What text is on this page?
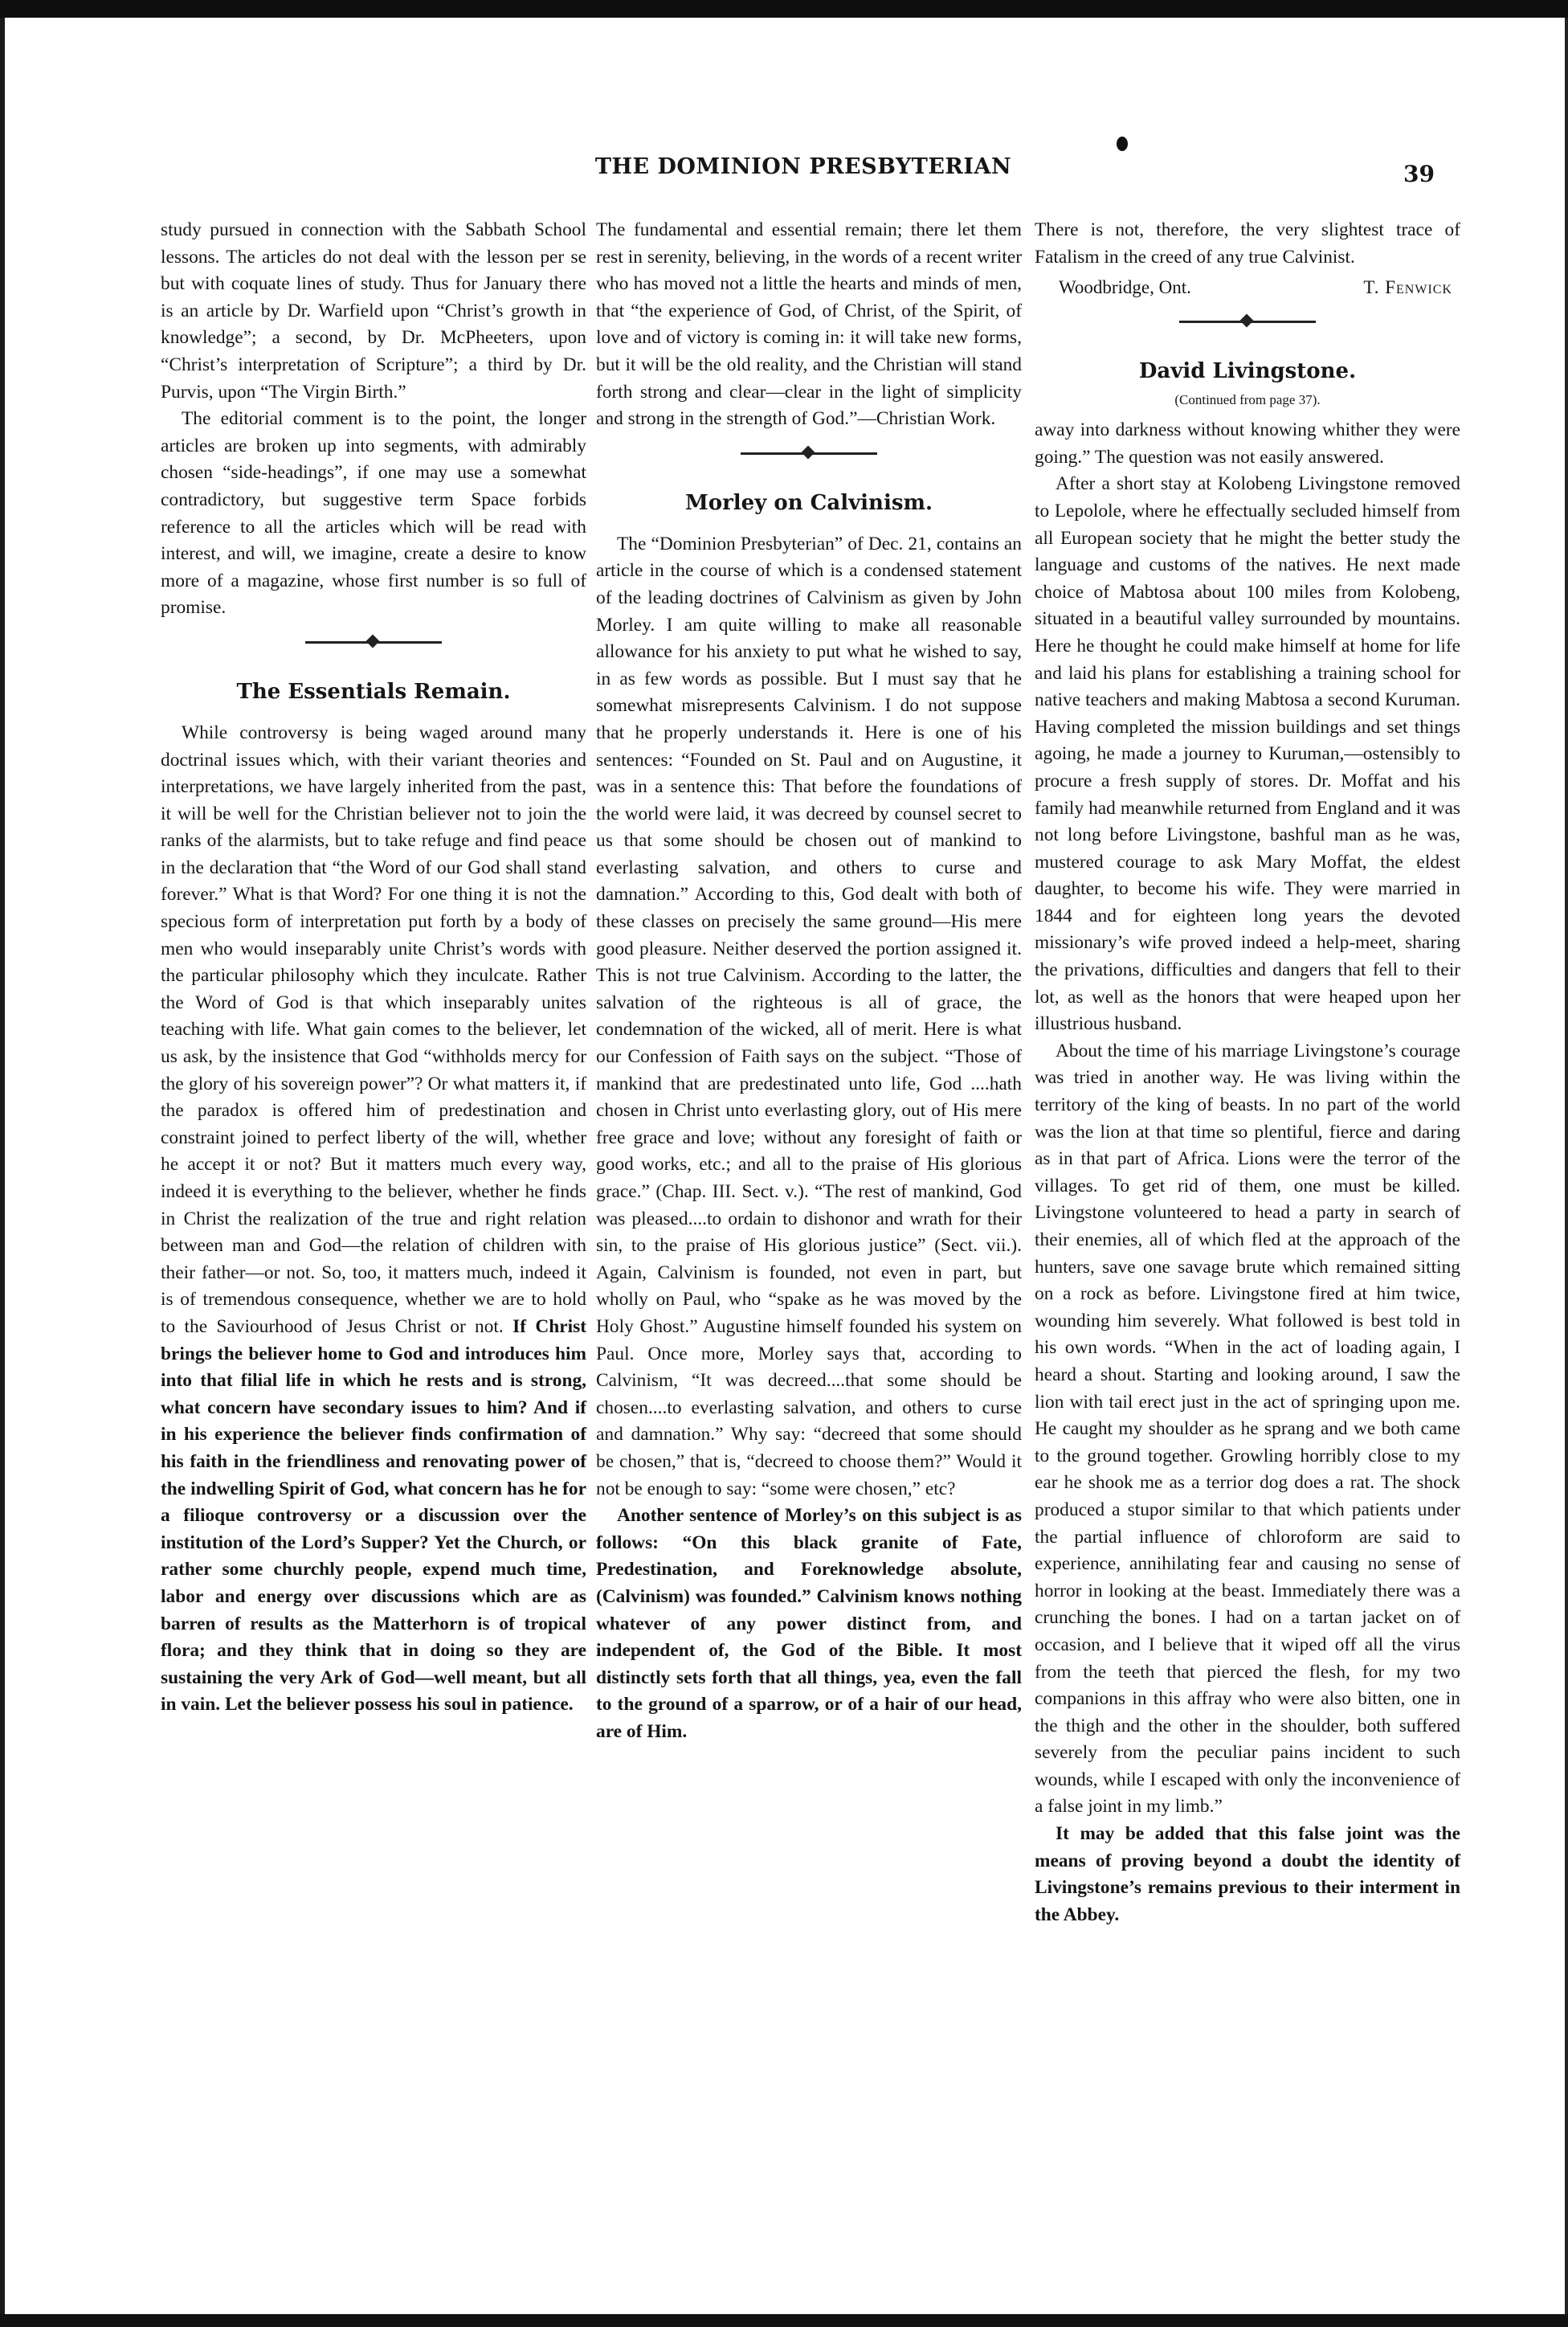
THE DOMINION PRESBYTERIAN	39

study pursued in connection with the Sabbath School lessons. The articles do not deal with the lesson per se but with coquate lines of study. Thus for January there is an article by Dr. Warfield upon “Christ’s growth in knowledge”; a second, by Dr. McPheeters, upon “Christ’s interpretation of Scripture”; a third by Dr. Purvis, upon “The Virgin Birth.”

The editorial comment is to the point, the longer articles are broken up into segments, with admirably chosen “side-headings”, if one may use a somewhat contradictory, but suggestive term Space forbids reference to all the articles which will be read with interest, and will, we imagine, create a desire to know more of a magazine, whose first number is so full of promise.

The Essentials Remain.

While controversy is being waged around many doctrinal issues which, with their variant theories and interpretations, we have largely inherited from the past, it will be well for the Christian believer not to join the ranks of the alarmists, but to take refuge and find peace in the declaration that “the Word of our God shall stand forever.” What is that Word? For one thing it is not the specious form of interpretation put forth by a body of men who would inseparably unite Christ’s words with the particular philosophy which they inculcate. Rather the Word of God is that which inseparably unites teaching with life. What gain comes to the believer, let us ask, by the insistence that God “withholds mercy for the glory of his sovereign power”? Or what matters it, if the paradox is offered him of predestination and constraint joined to perfect liberty of the will, whether he accept it or not? But it matters much every way, indeed it is everything to the believer, whether he finds in Christ the realization of the true and right relation between man and God—the relation of children with their father—or not. So, too, it matters much, indeed it is of tremendous consequence, whether we are to hold to the Saviourhood of Jesus Christ or not. If Christ brings the believer home to God and introduces him into that filial life in which he rests and is strong, what concern have secondary issues to him? And if in his experience the believer finds confirmation of his faith in the friendliness and renovating power of the indwelling Spirit of God, what concern has he for a filioque controversy or a discussion over the institution of the Lord’s Supper? Yet the Church, or rather some churchly people, expend much time, labor and energy over discussions which are as barren of results as the Matterhorn is of tropical flora; and they think that in doing so they are sustaining the very Ark of God—well meant, but all in vain. Let the believer possess his soul in patience.

The fundamental and essential remain; there let them rest in serenity, believing, in the words of a recent writer who has moved not a little the hearts and minds of men, that “the experience of God, of Christ, of the Spirit, of love and of victory is coming in: it will take new forms, but it will be the old reality, and the Christian will stand forth strong and clear—clear in the light of simplicity and strong in the strength of God.”—Christian Work.

Morley on Calvinism.

The “Dominion Presbyterian” of Dec. 21, contains an article in the course of which is a condensed statement of the leading doctrines of Calvinism as given by John Morley. I am quite willing to make all reasonable allowance for his anxiety to put what he wished to say, in as few words as possible. But I must say that he somewhat misrepresents Calvinism. I do not suppose that he properly understands it. Here is one of his sentences: “Founded on St. Paul and on Augustine, it was in a sentence this: That before the foundations of the world were laid, it was decreed by counsel secret to us that some should be chosen out of mankind to everlasting salvation, and others to curse and damnation.” According to this, God dealt with both of these classes on precisely the same ground—His mere good pleasure. Neither deserved the portion assigned it. This is not true Calvinism. According to the latter, the salvation of the righteous is all of grace, the condemnation of the wicked, all of merit. Here is what our Confession of Faith says on the subject. “Those of mankind that are predestinated unto life, God ....hath chosen in Christ unto everlasting glory, out of His mere free grace and love; without any foresight of faith or good works, etc.; and all to the praise of His glorious grace.” (Chap. III. Sect. v.). “The rest of mankind, God was pleased....to ordain to dishonor and wrath for their sin, to the praise of His glorious justice” (Sect. vii.). Again, Calvinism is founded, not even in part, but wholly on Paul, who “spake as he was moved by the Holy Ghost.” Augustine himself founded his system on Paul. Once more, Morley says that, according to Calvinism, “It was decreed....that some should be chosen....to everlasting salvation, and others to curse and damnation.” Why say: “decreed that some should be chosen,” that is, “decreed to choose them?” Would it not be enough to say: “some were chosen,” etc?

Another sentence of Morley’s on this subject is as follows: “On this black granite of Fate, Predestination, and Foreknowledge absolute, (Calvinism) was founded.” Calvinism knows nothing whatever of any power distinct from, and independent of, the God of the Bible. It most distinctly sets forth that all things, yea, even the fall to the ground of a sparrow, or of a hair of our head, are of Him.

There is not, therefore, the very slightest trace of Fatalism in the creed of any true Calvinist.

Woodbridge, Ont.	T. Fenwick
David Livingstone.
(Continued from page 37).

away into darkness without knowing whither they were going.” The question was not easily answered.

After a short stay at Kolobeng Livingstone removed to Lepolole, where he effectually secluded himself from all European society that he might the better study the language and customs of the natives. He next made choice of Mabtosa about 100 miles from Kolobeng, situated in a beautiful valley surrounded by mountains. Here he thought he could make himself at home for life and laid his plans for establishing a training school for native teachers and making Mabtosa a second Kuruman. Having completed the mission buildings and set things agoing, he made a journey to Kuruman,—ostensibly to procure a fresh supply of stores. Dr. Moffat and his family had meanwhile returned from England and it was not long before Livingstone, bashful man as he was, mustered courage to ask Mary Moffat, the eldest daughter, to become his wife. They were married in 1844 and for eighteen long years the devoted missionary’s wife proved indeed a help-meet, sharing the privations, difficulties and dangers that fell to their lot, as well as the honors that were heaped upon her illustrious husband.

About the time of his marriage Livingstone’s courage was tried in another way. He was living within the territory of the king of beasts. In no part of the world was the lion at that time so plentiful, fierce and daring as in that part of Africa. Lions were the terror of the villages. To get rid of them, one must be killed. Livingstone volunteered to head a party in search of their enemies, all of which fled at the approach of the hunters, save one savage brute which remained sitting on a rock as before. Livingstone fired at him twice, wounding him severely. What followed is best told in his own words. “When in the act of loading again, I heard a shout. Starting and looking around, I saw the lion with tail erect just in the act of springing upon me. He caught my shoulder as he sprang and we both came to the ground together. Growling horribly close to my ear he shook me as a terrior dog does a rat. The shock produced a stupor similar to that which patients under the partial influence of chloroform are said to experience, annihilating fear and causing no sense of horror in looking at the beast. Immediately there was a crunching the bones. I had on a tartan jacket on of occasion, and I believe that it wiped off all the virus from the teeth that pierced the flesh, for my two companions in this affray who were also bitten, one in the thigh and the other in the shoulder, both suffered severely from the peculiar pains incident to such wounds, while I escaped with only the inconvenience of a false joint in my limb.”

It may be added that this false joint was the means of proving beyond a doubt the identity of Livingstone’s remains previous to their interment in the Abbey.
